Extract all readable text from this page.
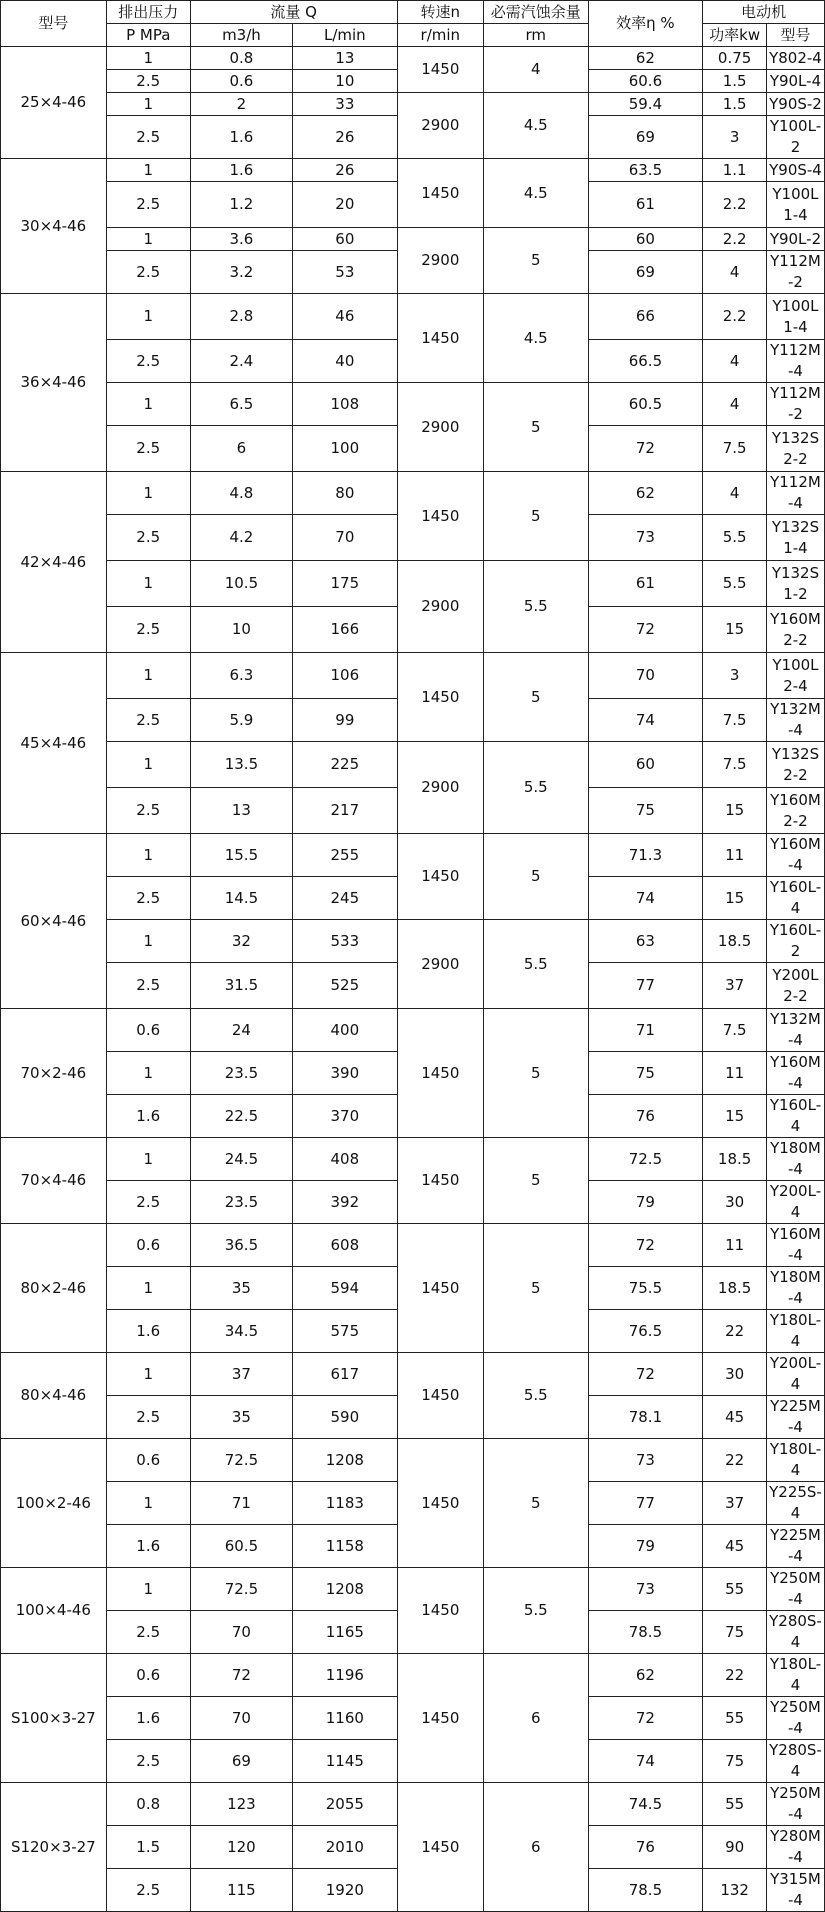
型号	排出压力	流量 Q		转速n	必需汽蚀余量	效率η %	电动机	
	P MPa	m3/h	L/min	r/min	rm		功率kw	型号
25×4-46	1	0.8	13	1450	4	62	0.75	Y802-4
	2.5	0.6	10			60.6	1.5	Y90L-4
	1	2	33	2900	4.5	59.4	1.5	Y90S-2
	2.5	1.6	26			69	3	Y100L-2
30×4-46	1	1.6	26	1450	4.5	63.5	1.1	Y90S-4
	2.5	1.2	20			61	2.2	Y100L1-4
	1	3.6	60	2900	5	60	2.2	Y90L-2
	2.5	3.2	53			69	4	Y112M-2
36×4-46	1	2.8	46	1450	4.5	66	2.2	Y100L1-4
	2.5	2.4	40			66.5	4	Y112M-4
	1	6.5	108	2900	5	60.5	4	Y112M-2
	2.5	6	100			72	7.5	Y132S2-2
42×4-46	1	4.8	80	1450	5	62	4	Y112M-4
	2.5	4.2	70			73	5.5	Y132S1-4
	1	10.5	175	2900	5.5	61	5.5	Y132S1-2
	2.5	10	166			72	15	Y160M2-2
45×4-46	1	6.3	106	1450	5	70	3	Y100L2-4
	2.5	5.9	99			74	7.5	Y132M-4
	1	13.5	225	2900	5.5	60	7.5	Y132S2-2
	2.5	13	217			75	15	Y160M2-2
60×4-46	1	15.5	255	1450	5	71.3	11	Y160M-4
	2.5	14.5	245			74	15	Y160L-4
	1	32	533	2900	5.5	63	18.5	Y160L-2
	2.5	31.5	525			77	37	Y200L2-2
70×2-46	0.6	24	400	1450	5	71	7.5	Y132M-4
	1	23.5	390			75	11	Y160M-4
	1.6	22.5	370			76	15	Y160L-4
70×4-46	1	24.5	408	1450	5	72.5	18.5	Y180M-4
	2.5	23.5	392			79	30	Y200L-4
80×2-46	0.6	36.5	608	1450	5	72	11	Y160M-4
	1	35	594			75.5	18.5	Y180M-4
	1.6	34.5	575			76.5	22	Y180L-4
80×4-46	1	37	617	1450	5.5	72	30	Y200L-4
	2.5	35	590			78.1	45	Y225M-4
100×2-46	0.6	72.5	1208	1450	5	73	22	Y180L-4
	1	71	1183			77	37	Y225S-4
	1.6	60.5	1158			79	45	Y225M-4
100×4-46	1	72.5	1208	1450	5.5	73	55	Y250M-4
	2.5	70	1165			78.5	75	Y280S-4
S100×3-27	0.6	72	1196	1450	6	62	22	Y180L-4
	1.6	70	1160			72	55	Y250M-4
	2.5	69	1145			74	75	Y280S-4
S120×3-27	0.8	123	2055	1450	6	74.5	55	Y250M-4
	1.5	120	2010			76	90	Y280M-4
	2.5	115	1920			78.5	132	Y315M-4
